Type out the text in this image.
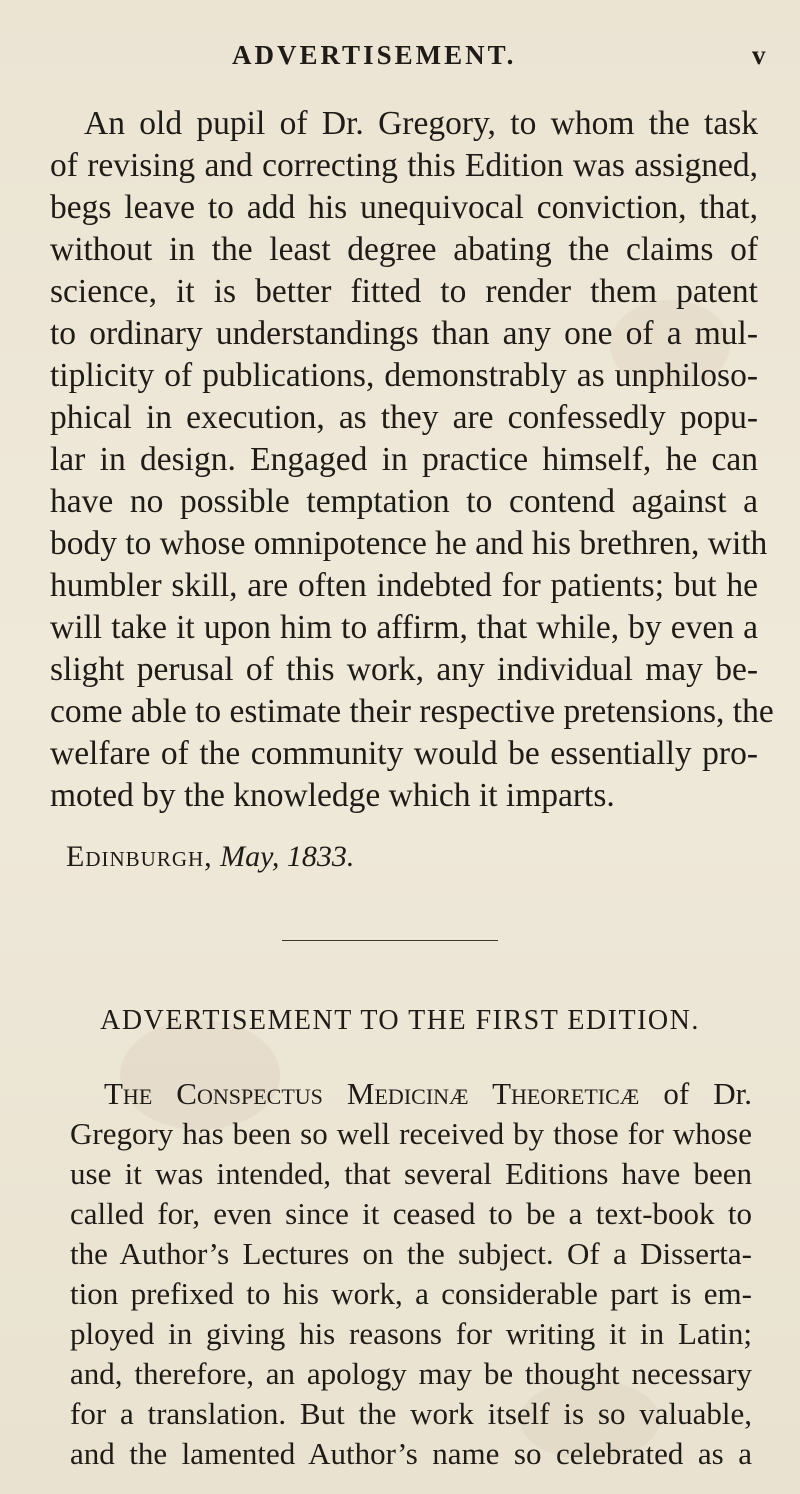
ADVERTISEMENT.	v
An old pupil of Dr. Gregory, to whom the task
of revising and correcting this Edition was assigned,
begs leave to add his unequivocal conviction, that,
without in the least degree abating the claims of
science, it is better fitted to render them patent
to ordinary understandings than any one of a mul-
tiplicity of publications, demonstrably as unphiloso-
phical in execution, as they are confessedly popu-
lar in design. Engaged in practice himself, he can
have no possible temptation to contend against a
body to whose omnipotence he and his brethren, with
humbler skill, are often indebted for patients; but he
will take it upon him to affirm, that while, by even a
slight perusal of this work, any individual may be-
come able to estimate their respective pretensions, the
welfare of the community would be essentially pro-
moted by the knowledge which it imparts.
Edinburgh, May, 1833.
ADVERTISEMENT TO THE FIRST EDITION.
The Conspectus Medicinæ Theoreticæ of Dr.
Gregory has been so well received by those for whose
use it was intended, that several Editions have been
called for, even since it ceased to be a text-book to
the Author’s Lectures on the subject. Of a Disserta-
tion prefixed to his work, a considerable part is em-
ployed in giving his reasons for writing it in Latin;
and, therefore, an apology may be thought necessary
for a translation. But the work itself is so valuable,
and the lamented Author’s name so celebrated as a
